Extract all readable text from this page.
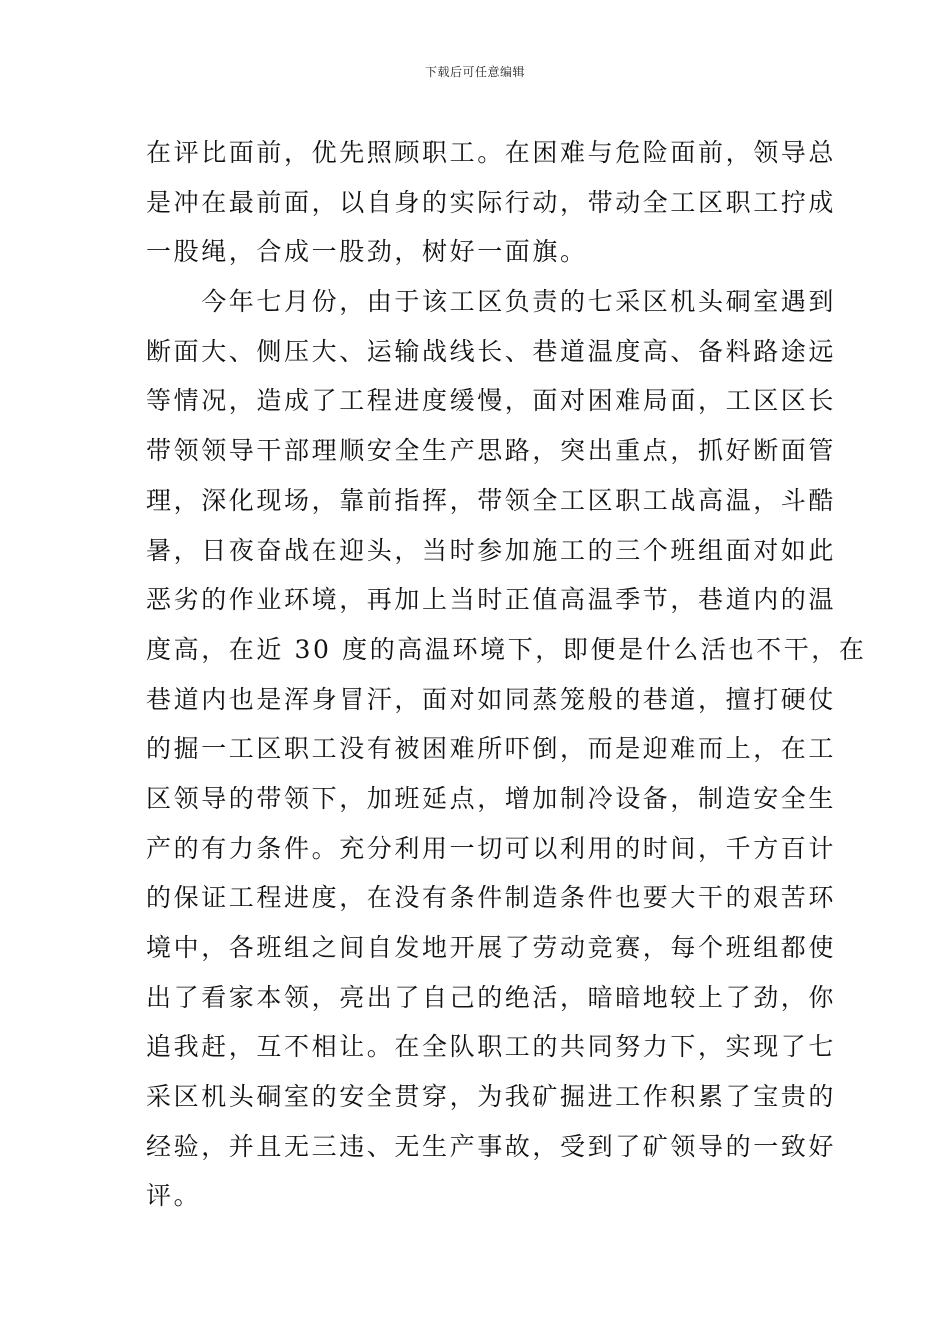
下载后可任意编辑
在评比面前，优先照顾职工。在困难与危险面前，领导总
是冲在最前面，以自身的实际行动，带动全工区职工拧成
一股绳，合成一股劲，树好一面旗。
　　今年七月份，由于该工区负责的七采区机头硐室遇到
断面大、侧压大、运输战线长、巷道温度高、备料路途远
等情况，造成了工程进度缓慢，面对困难局面，工区区长
带领领导干部理顺安全生产思路，突出重点，抓好断面管
理，深化现场，靠前指挥，带领全工区职工战高温，斗酷
暑，日夜奋战在迎头，当时参加施工的三个班组面对如此
恶劣的作业环境，再加上当时正值高温季节，巷道内的温
度高，在近 30 度的高温环境下，即便是什么活也不干，在
巷道内也是浑身冒汗，面对如同蒸笼般的巷道，擅打硬仗
的掘一工区职工没有被困难所吓倒，而是迎难而上，在工
区领导的带领下，加班延点，增加制冷设备，制造安全生
产的有力条件。充分利用一切可以利用的时间，千方百计
的保证工程进度，在没有条件制造条件也要大干的艰苦环
境中，各班组之间自发地开展了劳动竞赛，每个班组都使
出了看家本领，亮出了自己的绝活，暗暗地较上了劲，你
追我赶，互不相让。在全队职工的共同努力下，实现了七
采区机头硐室的安全贯穿，为我矿掘进工作积累了宝贵的
经验，并且无三违、无生产事故，受到了矿领导的一致好
评。
